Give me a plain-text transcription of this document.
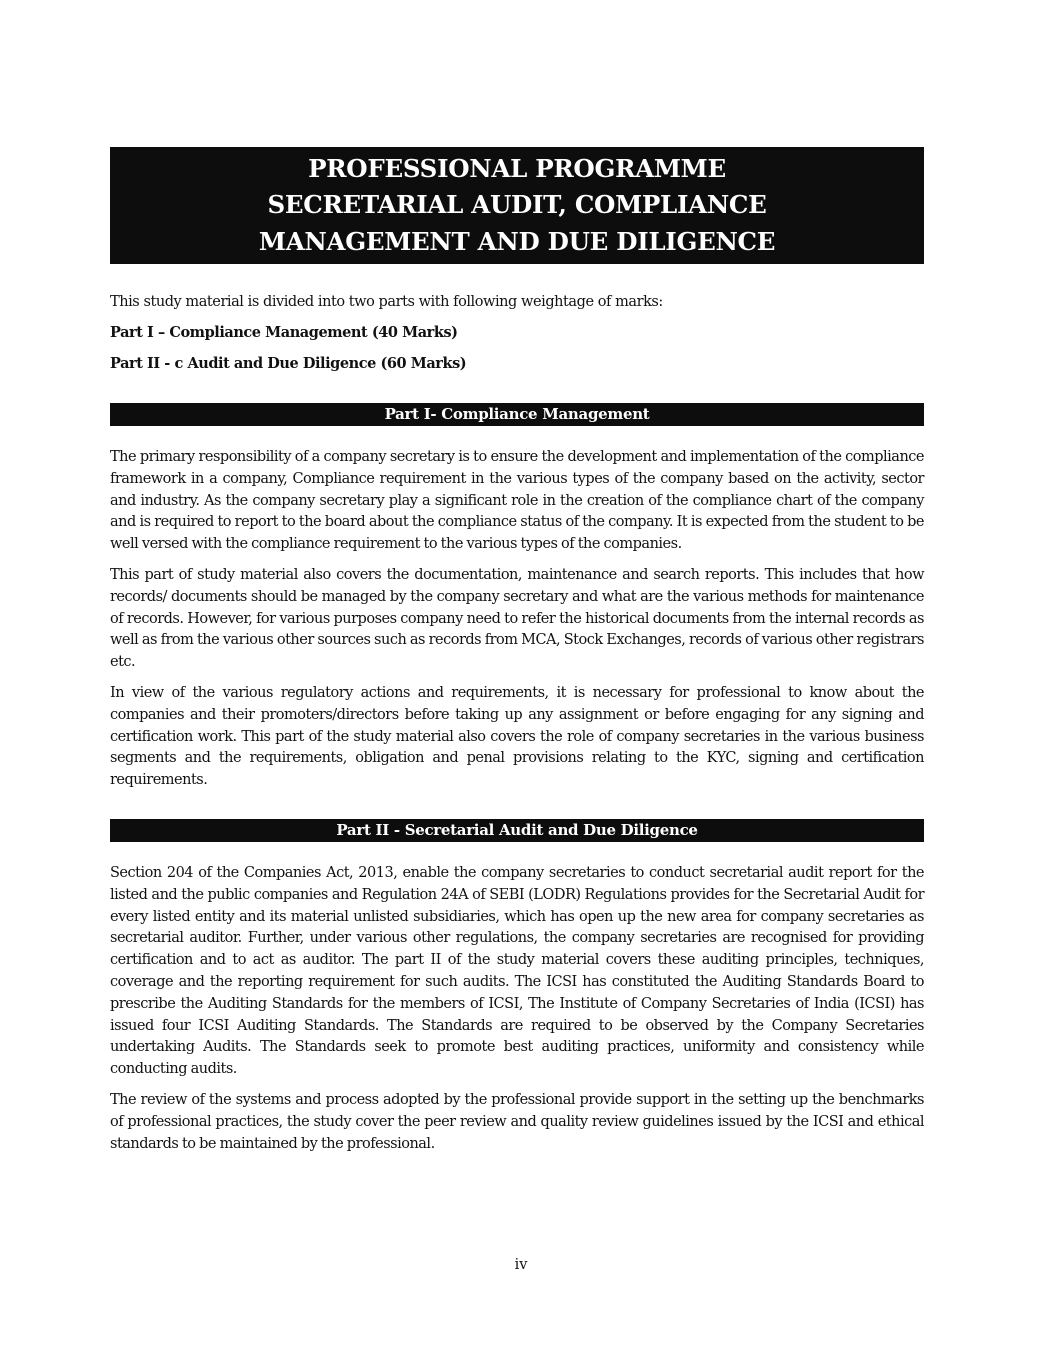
PROFESSIONAL PROGRAMME
SECRETARIAL AUDIT, COMPLIANCE
MANAGEMENT AND DUE DILIGENCE

This study material is divided into two parts with following weightage of marks:

Part I – Compliance Management (40 Marks)

Part II - c Audit and Due Diligence (60 Marks)

Part I- Compliance Management

The primary responsibility of a company secretary is to ensure the development and implementation of the compliance framework in a company, Compliance requirement in the various types of the company based on the activity, sector and industry. As the company secretary play a significant role in the creation of the compliance chart of the company and is required to report to the board about the compliance status of the company. It is expected from the student to be well versed with the compliance requirement to the various types of the companies.

This part of study material also covers the documentation, maintenance and search reports. This includes that how records/ documents should be managed by the company secretary and what are the various methods for maintenance of records. However, for various purposes company need to refer the historical documents from the internal records as well as from the various other sources such as records from MCA, Stock Exchanges, records of various other registrars etc.

In view of the various regulatory actions and requirements, it is necessary for professional to know about the companies and their promoters/directors before taking up any assignment or before engaging for any signing and certification work. This part of the study material also covers the role of company secretaries in the various business segments and the requirements, obligation and penal provisions relating to the KYC, signing and certification requirements.

Part II - Secretarial Audit and Due Diligence

Section 204 of the Companies Act, 2013, enable the company secretaries to conduct secretarial audit report for the listed and the public companies and Regulation 24A of SEBI (LODR) Regulations provides for the Secretarial Audit for every listed entity and its material unlisted subsidiaries, which has open up the new area for company secretaries as secretarial auditor. Further, under various other regulations, the company secretaries are recognised for providing certification and to act as auditor. The part II of the study material covers these auditing principles, techniques, coverage and the reporting requirement for such audits. The ICSI has constituted the Auditing Standards Board to prescribe the Auditing Standards for the members of ICSI, The Institute of Company Secretaries of India (ICSI) has issued four ICSI Auditing Standards. The Standards are required to be observed by the Company Secretaries undertaking Audits. The Standards seek to promote best auditing practices, uniformity and consistency while conducting audits.

The review of the systems and process adopted by the professional provide support in the setting up the benchmarks of professional practices, the study cover the peer review and quality review guidelines issued by the ICSI and ethical standards to be maintained by the professional.

iv
